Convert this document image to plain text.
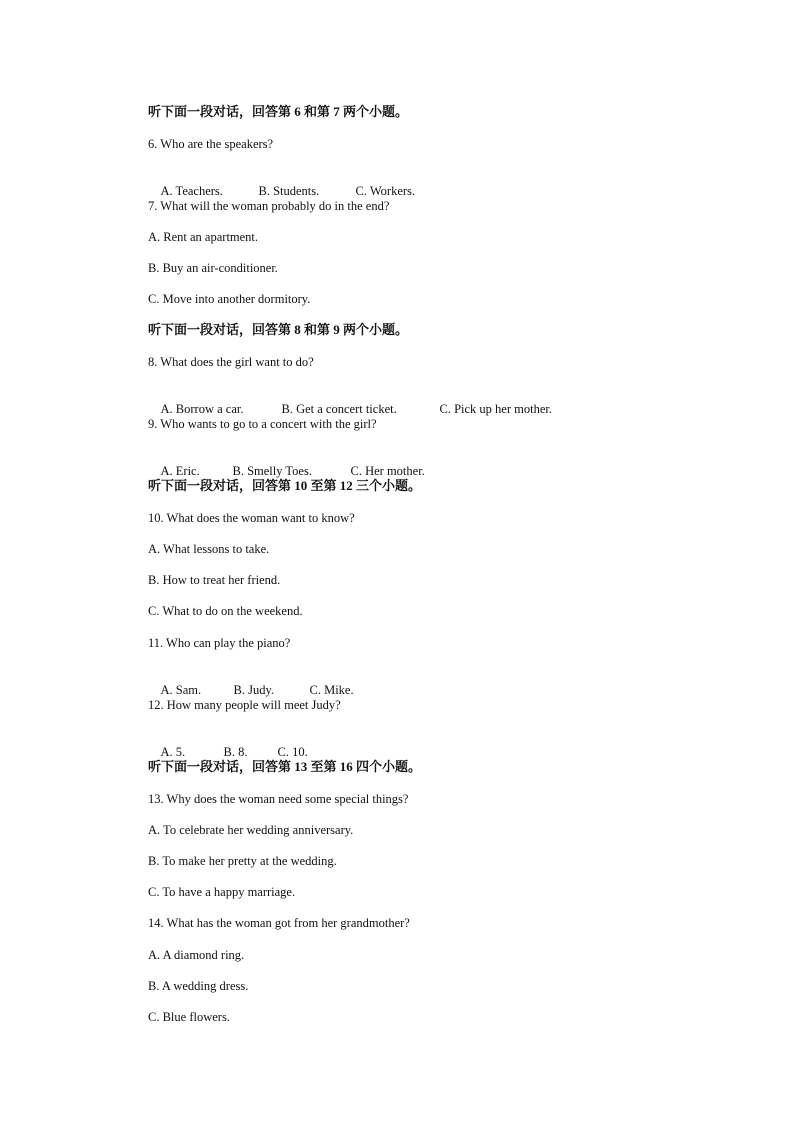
听下面一段对话，回答第 6 和第 7 两个小题。
6. Who are the speakers?

A. Teachers.	B. Students.	C. Workers.

7. What will the woman probably do in the end?
A. Rent an apartment.
B. Buy an air-conditioner.
C. Move into another dormitory.
听下面一段对话，回答第 8 和第 9 两个小题。
8. What does the girl want to do?

A. Borrow a car.	B. Get a concert ticket.	C. Pick up her mother.

9. Who wants to go to a concert with the girl?

A. Eric.	B. Smelly Toes.	C. Her mother.

听下面一段对话，回答第 10 至第 12 三个小题。
10. What does the woman want to know?
A. What lessons to take.
B. How to treat her friend.
C. What to do on the weekend.
11. Who can play the piano?

A. Sam.	B. Judy.	C. Mike.

12. How many people will meet Judy?

A. 5.	B. 8. C. 10.

听下面一段对话，回答第 13 至第 16 四个小题。
13. Why does the woman need some special things?
A. To celebrate her wedding anniversary.
B. To make her pretty at the wedding.
C. To have a happy marriage.
14. What has the woman got from her grandmother?
A. A diamond ring.
B. A wedding dress.
C. Blue flowers.
